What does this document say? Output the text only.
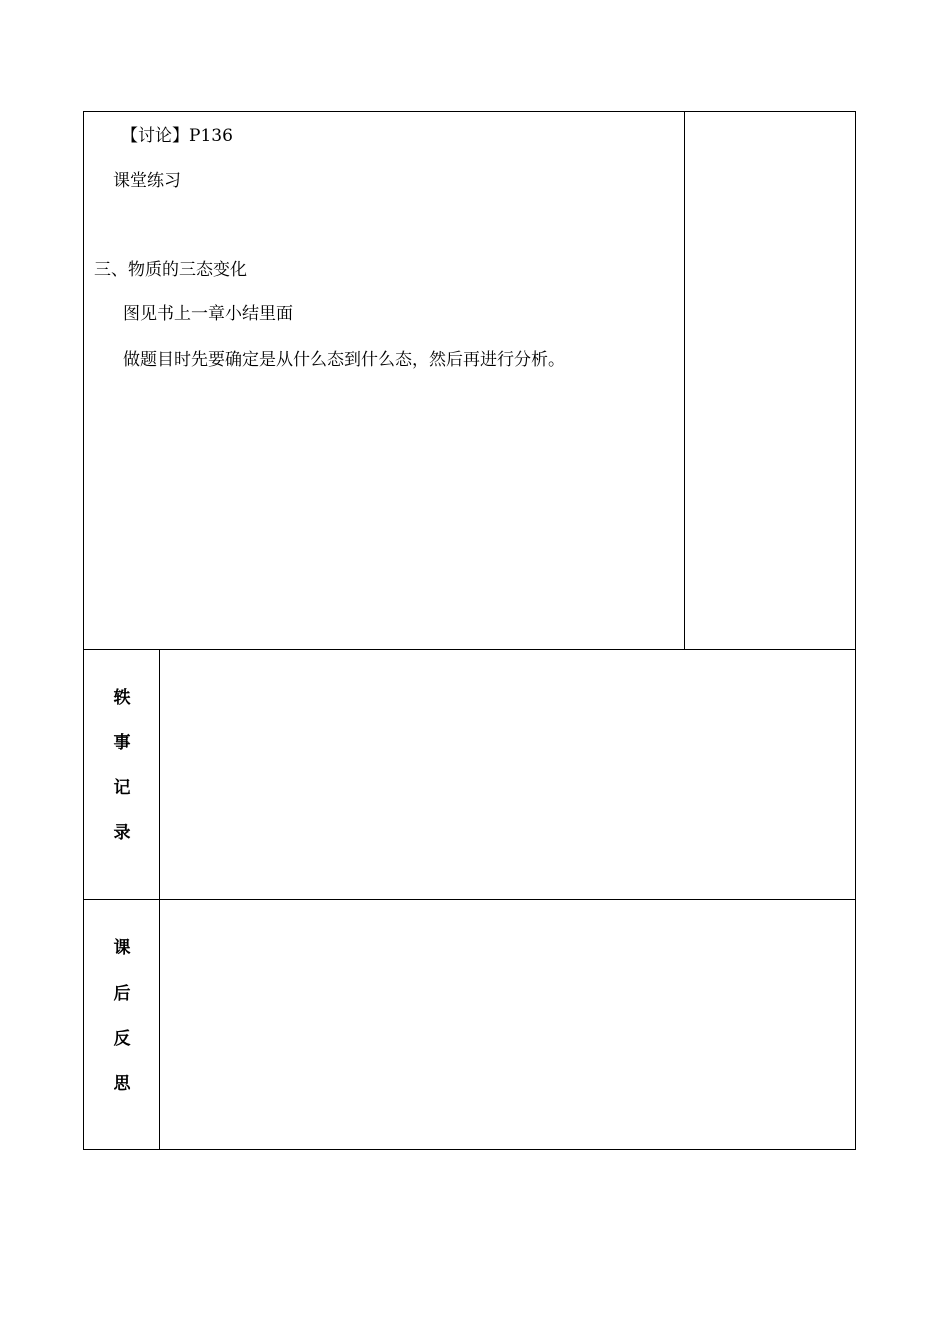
【讨论】P136
课堂练习
三、物质的三态变化
图见书上一章小结里面
做题目时先要确定是从什么态到什么态，然后再进行分析。
轶
事
记
录
课
后
反
思
